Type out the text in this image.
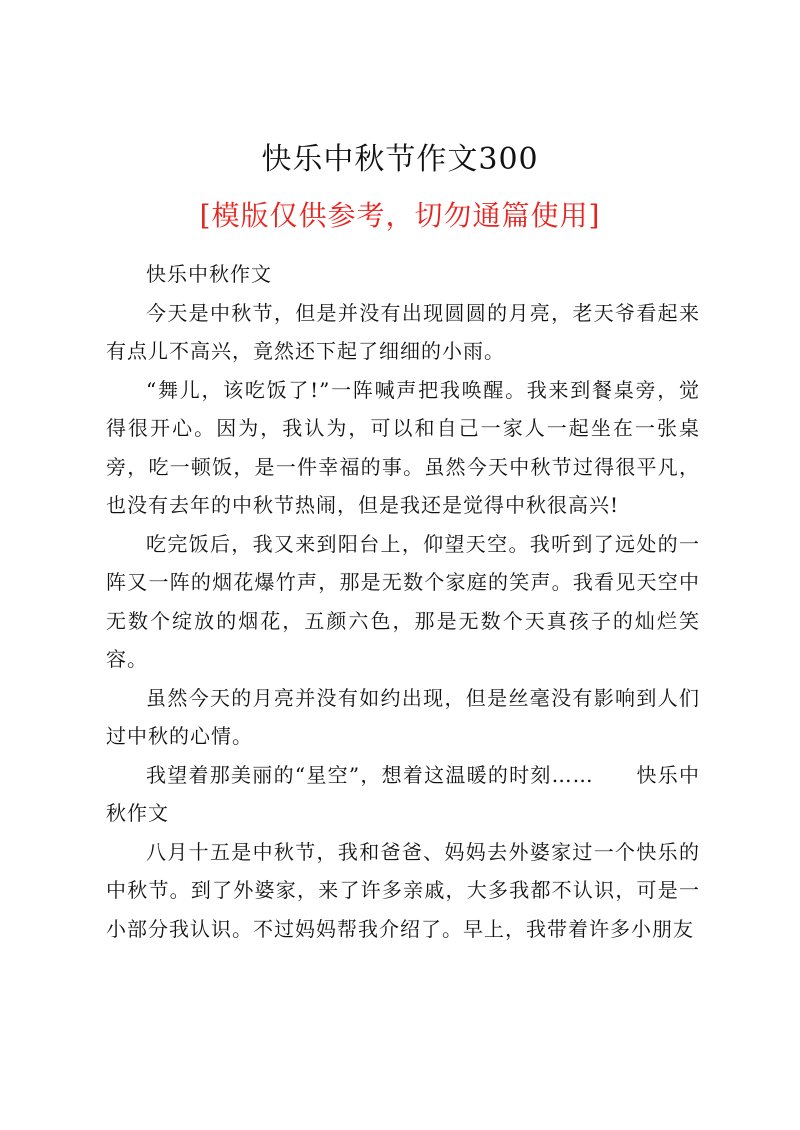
快乐中秋节作文300
[模版仅供参考，切勿通篇使用]

快乐中秋作文

今天是中秋节，但是并没有出现圆圆的月亮，老天爷看起来有点儿不高兴，竟然还下起了细细的小雨。

“舞儿，该吃饭了!”一阵喊声把我唤醒。我来到餐桌旁，觉得很开心。因为，我认为，可以和自己一家人一起坐在一张桌旁，吃一顿饭，是一件幸福的事。虽然今天中秋节过得很平凡，也没有去年的中秋节热闹，但是我还是觉得中秋很高兴!

吃完饭后，我又来到阳台上，仰望天空。我听到了远处的一阵又一阵的烟花爆竹声，那是无数个家庭的笑声。我看见天空中无数个绽放的烟花，五颜六色，那是无数个天真孩子的灿烂笑容。

虽然今天的月亮并没有如约出现，但是丝毫没有影响到人们过中秋的心情。

我望着那美丽的“星空”，想着这温暖的时刻……　　快乐中秋作文

八月十五是中秋节，我和爸爸、妈妈去外婆家过一个快乐的中秋节。到了外婆家，来了许多亲戚，大多我都不认识，可是一小部分我认识。不过妈妈帮我介绍了。早上，我带着许多小朋友
